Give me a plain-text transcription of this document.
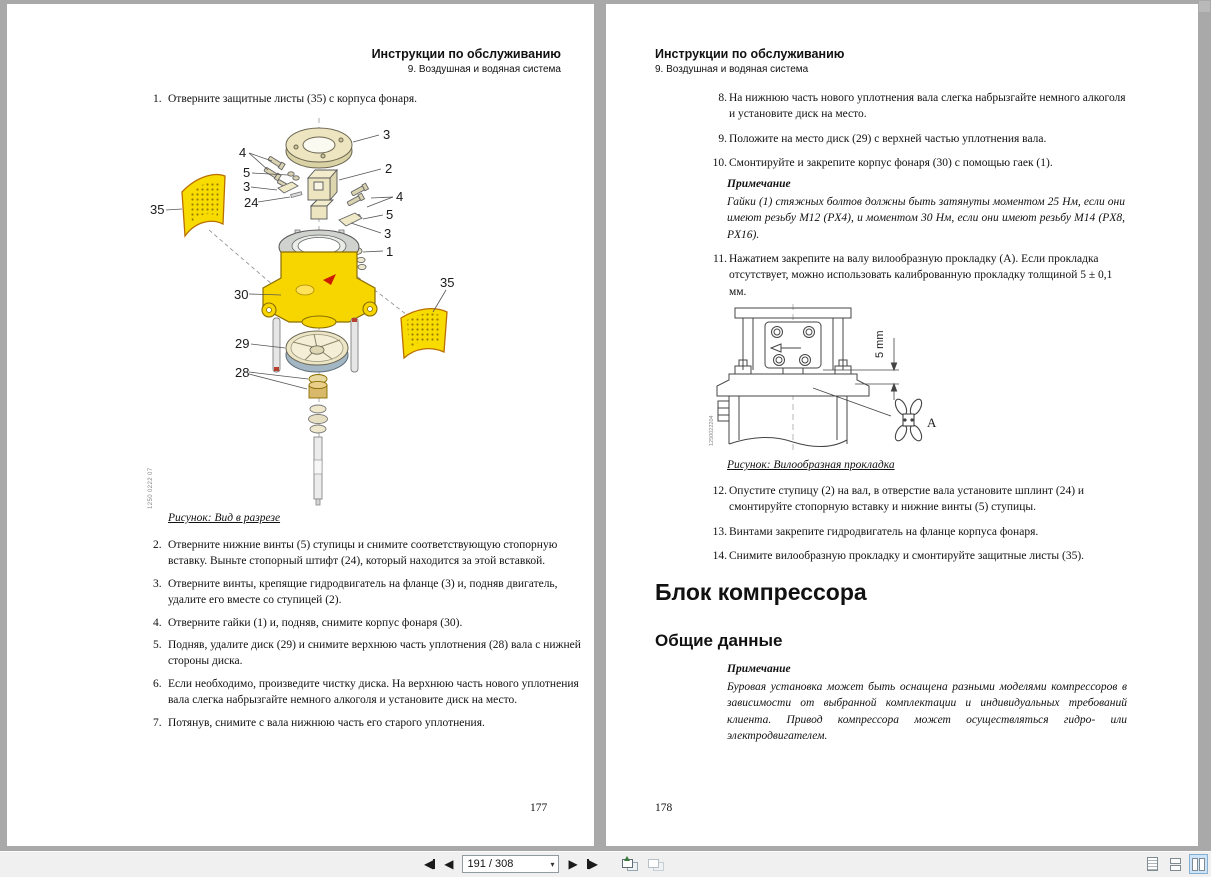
Инструкции по обслуживанию
9. Воздушная и водяная система
1. Отверните защитные листы (35) с корпуса фонаря.
3
4
5
3
24
2
4
5
3
1
35
30
35
29
28
1250 0222 07
Рисунок: Вид в разрезе
2. Отверните нижние винты (5) ступицы и снимите соответствующую стопорную вставку. Выньте стопорный штифт (24), который находится за этой вставкой.
3. Отверните винты, крепящие гидродвигатель на фланце (3) и, подняв двигатель, удалите его вместе со ступицей (2).
4. Отверните гайки (1) и, подняв, снимите корпус фонаря (30).
5. Подняв, удалите диск (29) и снимите верхнюю часть уплотнения (28) вала с нижней стороны диска.
6. Если необходимо, произведите чистку диска. На верхнюю часть нового уплотнения вала слегка набрызгайте немного алкоголя и установите диск на место.
7. Потянув, снимите с вала нижнюю часть его старого уплотнения.
177
Инструкции по обслуживанию
9. Воздушная и водяная система
8. На нижнюю часть нового уплотнения вала слегка набрызгайте немного алкоголя и установите диск на место.
9. Положите на место диск (29) с верхней частью уплотнения вала.
10. Смонтируйте и закрепите корпус фонаря (30) с помощью гаек (1).
Примечание
Гайки (1) стяжных болтов должны быть затянуты моментом 25 Нм, если они имеют резьбу M12 (PX4), и моментом 30 Нм, если они имеют резьбу M14 (PX8, PX16).
11. Нажатием закрепите на валу вилообразную прокладку (A). Если прокладка отсутствует, можно использовать калиброванную прокладку толщиной 5 ± 0,1 мм.
5 mm
A
1250022204
Рисунок: Вилообразная прокладка
12. Опустите ступицу (2) на вал, в отверстие вала установите шплинт (24) и смонтируйте стопорную вставку и нижние винты (5) ступицы.
13. Винтами закрепите гидродвигатель на фланце корпуса фонаря.
14. Снимите вилообразную прокладку и смонтируйте защитные листы (35).
Блок компрессора
Общие данные
Примечание
Буровая установка может быть оснащена разными моделями компрессоров в зависимости от выбранной комплектации и индивидуальных требований клиента. Привод компрессора может осуществляться гидро- или электродвигателем.
178
◀ ◀
191 / 308	▾ ▶ ▶
